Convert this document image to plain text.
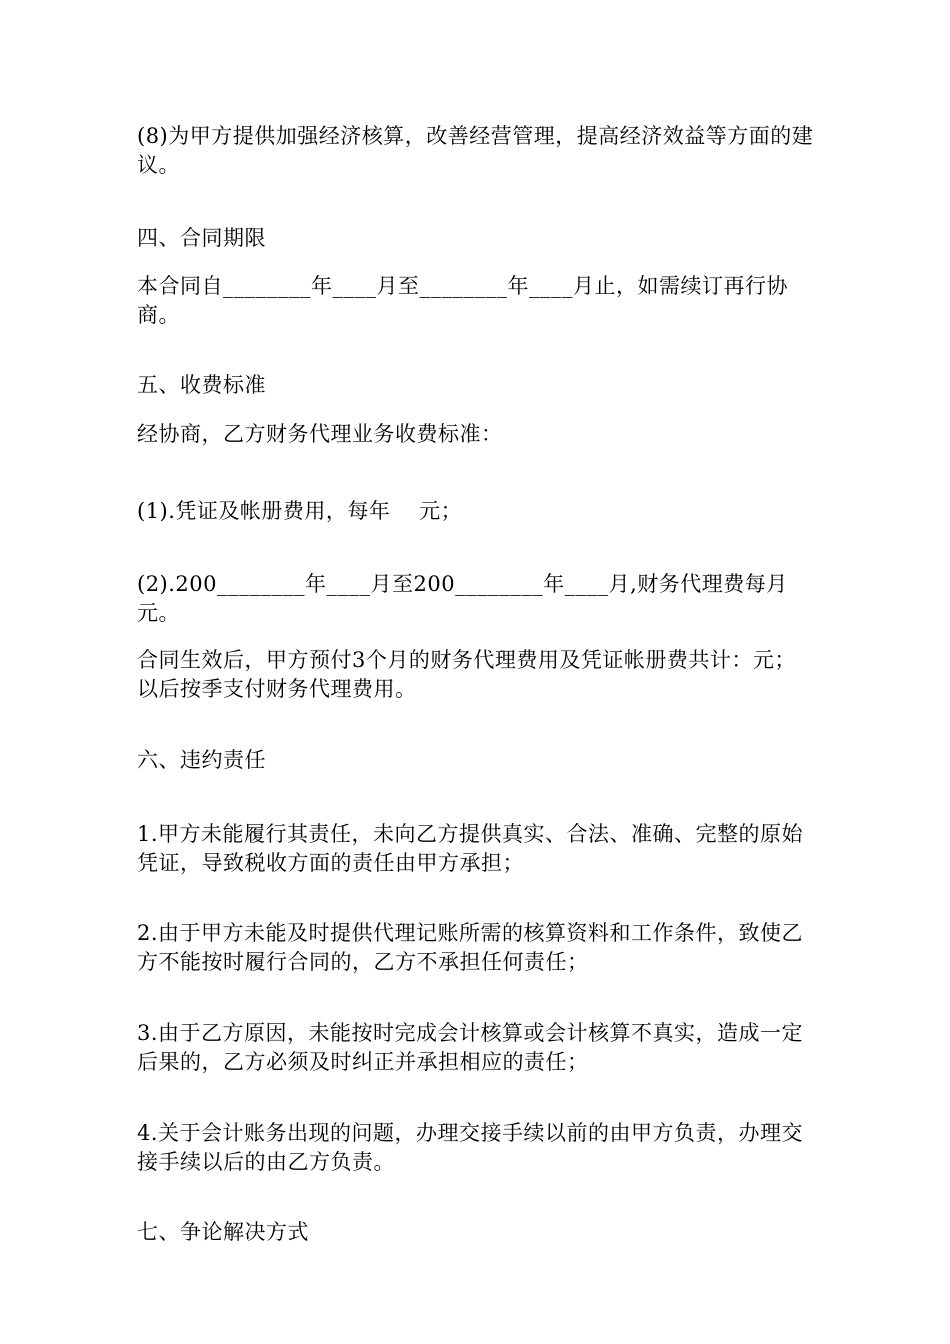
(8)为甲方提供加强经济核算，改善经营管理，提高经济效益等方面的建议。
四、合同期限
本合同自________年____月至________年____月止，如需续订再行协商。
五、收费标准
经协商，乙方财务代理业务收费标准：
(1).凭证及帐册费用，每年    元；
(2).200________年____月至200________年____月,财务代理费每月元。
合同生效后，甲方预付3个月的财务代理费用及凭证帐册费共计：元；以后按季支付财务代理费用。
六、违约责任
1.甲方未能履行其责任，未向乙方提供真实、合法、准确、完整的原始凭证，导致税收方面的责任由甲方承担；
2.由于甲方未能及时提供代理记账所需的核算资料和工作条件，致使乙方不能按时履行合同的，乙方不承担任何责任；
3.由于乙方原因，未能按时完成会计核算或会计核算不真实，造成一定后果的，乙方必须及时纠正并承担相应的责任；
4.关于会计账务出现的问题，办理交接手续以前的由甲方负责，办理交接手续以后的由乙方负责。
七、争论解决方式
